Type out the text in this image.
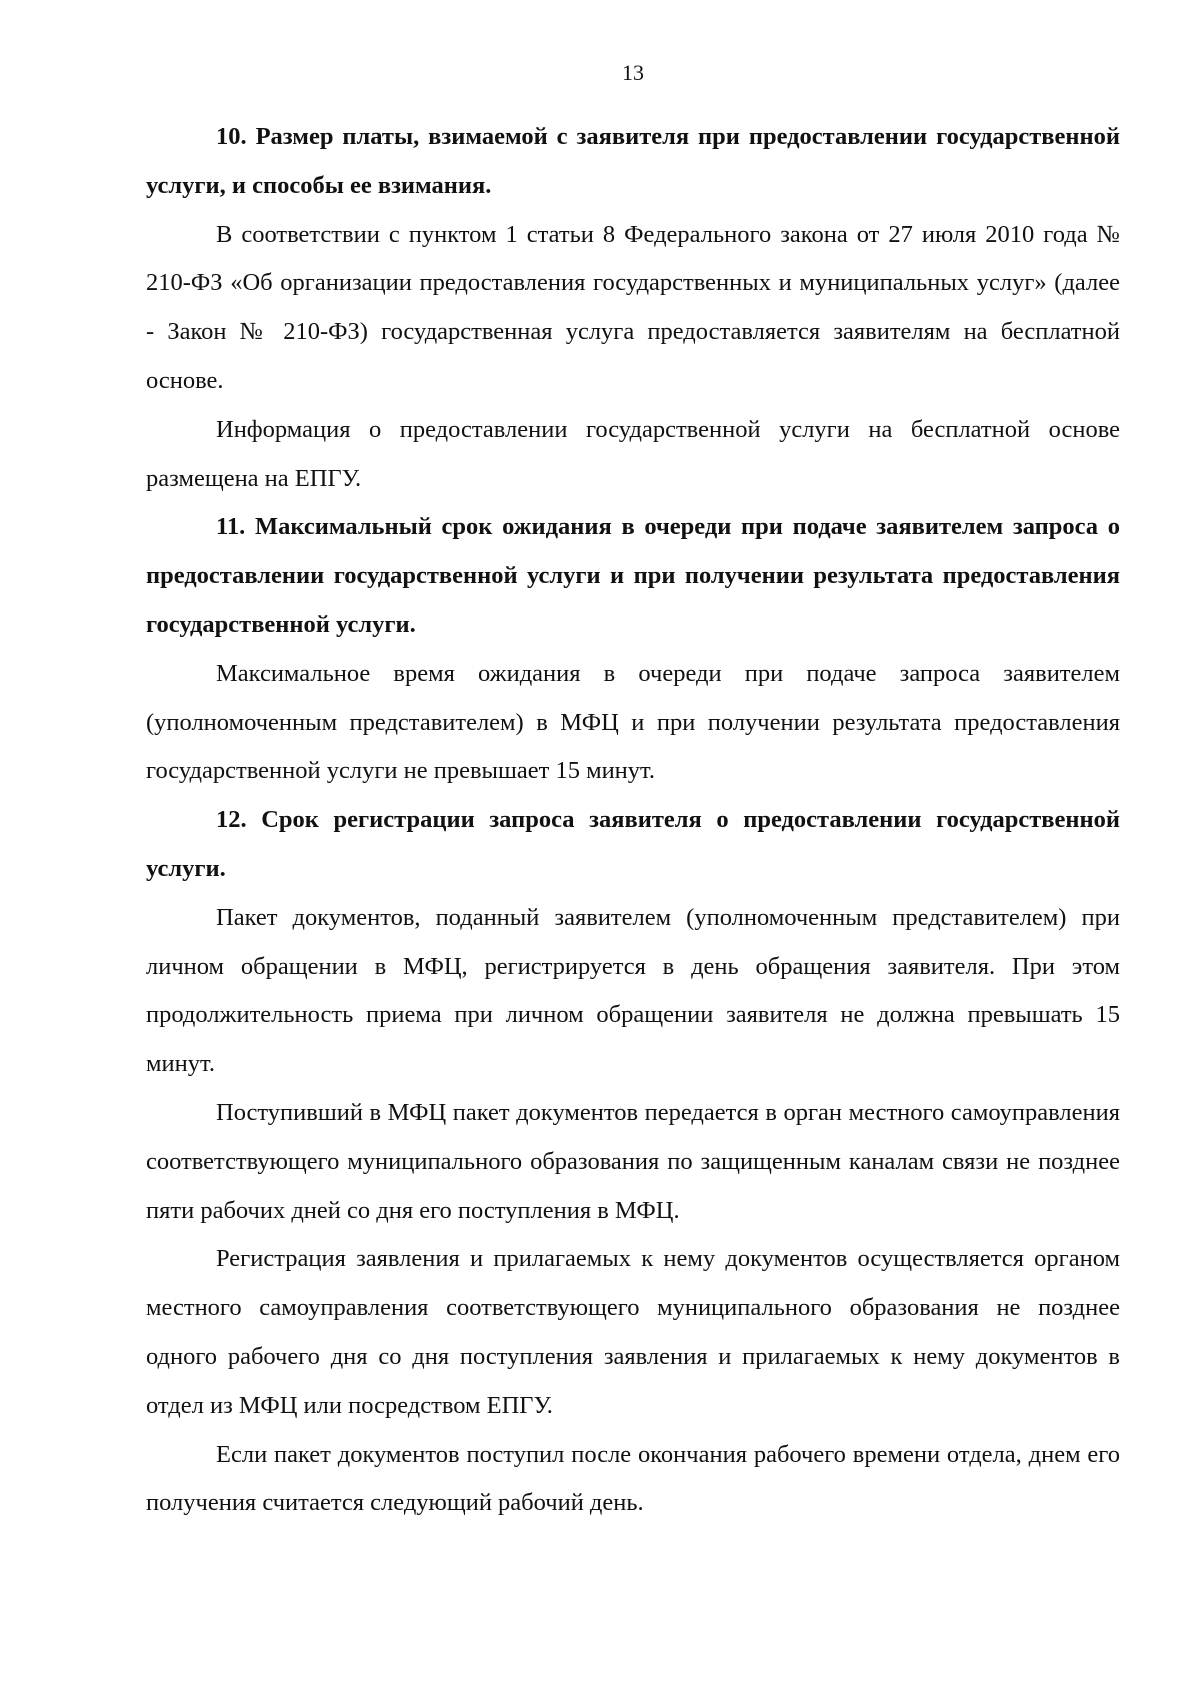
13

10. Размер платы, взимаемой с заявителя при предоставлении государственной услуги, и способы ее взимания.

В соответствии с пунктом 1 статьи 8 Федерального закона от 27 июля 2010 года № 210-ФЗ «Об организации предоставления государственных и муниципальных услуг» (далее - Закон № 210-ФЗ) государственная услуга предоставляется заявителям на бесплатной основе.

Информация о предоставлении государственной услуги на бесплатной основе размещена на ЕПГУ.

11. Максимальный срок ожидания в очереди при подаче заявителем запроса о предоставлении государственной услуги и при получении результата предоставления государственной услуги.

Максимальное время ожидания в очереди при подаче запроса заявителем (уполномоченным представителем) в МФЦ и при получении результата предоставления государственной услуги не превышает 15 минут.

12. Срок регистрации запроса заявителя о предоставлении государственной услуги.

Пакет документов, поданный заявителем (уполномоченным представителем) при личном обращении в МФЦ, регистрируется в день обращения заявителя. При этом продолжительность приема при личном обращении заявителя не должна превышать 15 минут.

Поступивший в МФЦ пакет документов передается в орган местного самоуправления соответствующего муниципального образования по защищенным каналам связи не позднее пяти рабочих дней со дня его поступления в МФЦ.

Регистрация заявления и прилагаемых к нему документов осуществляется органом местного самоуправления соответствующего муниципального образования не позднее одного рабочего дня со дня поступления заявления и прилагаемых к нему документов в отдел из МФЦ или посредством ЕПГУ.

Если пакет документов поступил после окончания рабочего времени отдела, днем его получения считается следующий рабочий день.
